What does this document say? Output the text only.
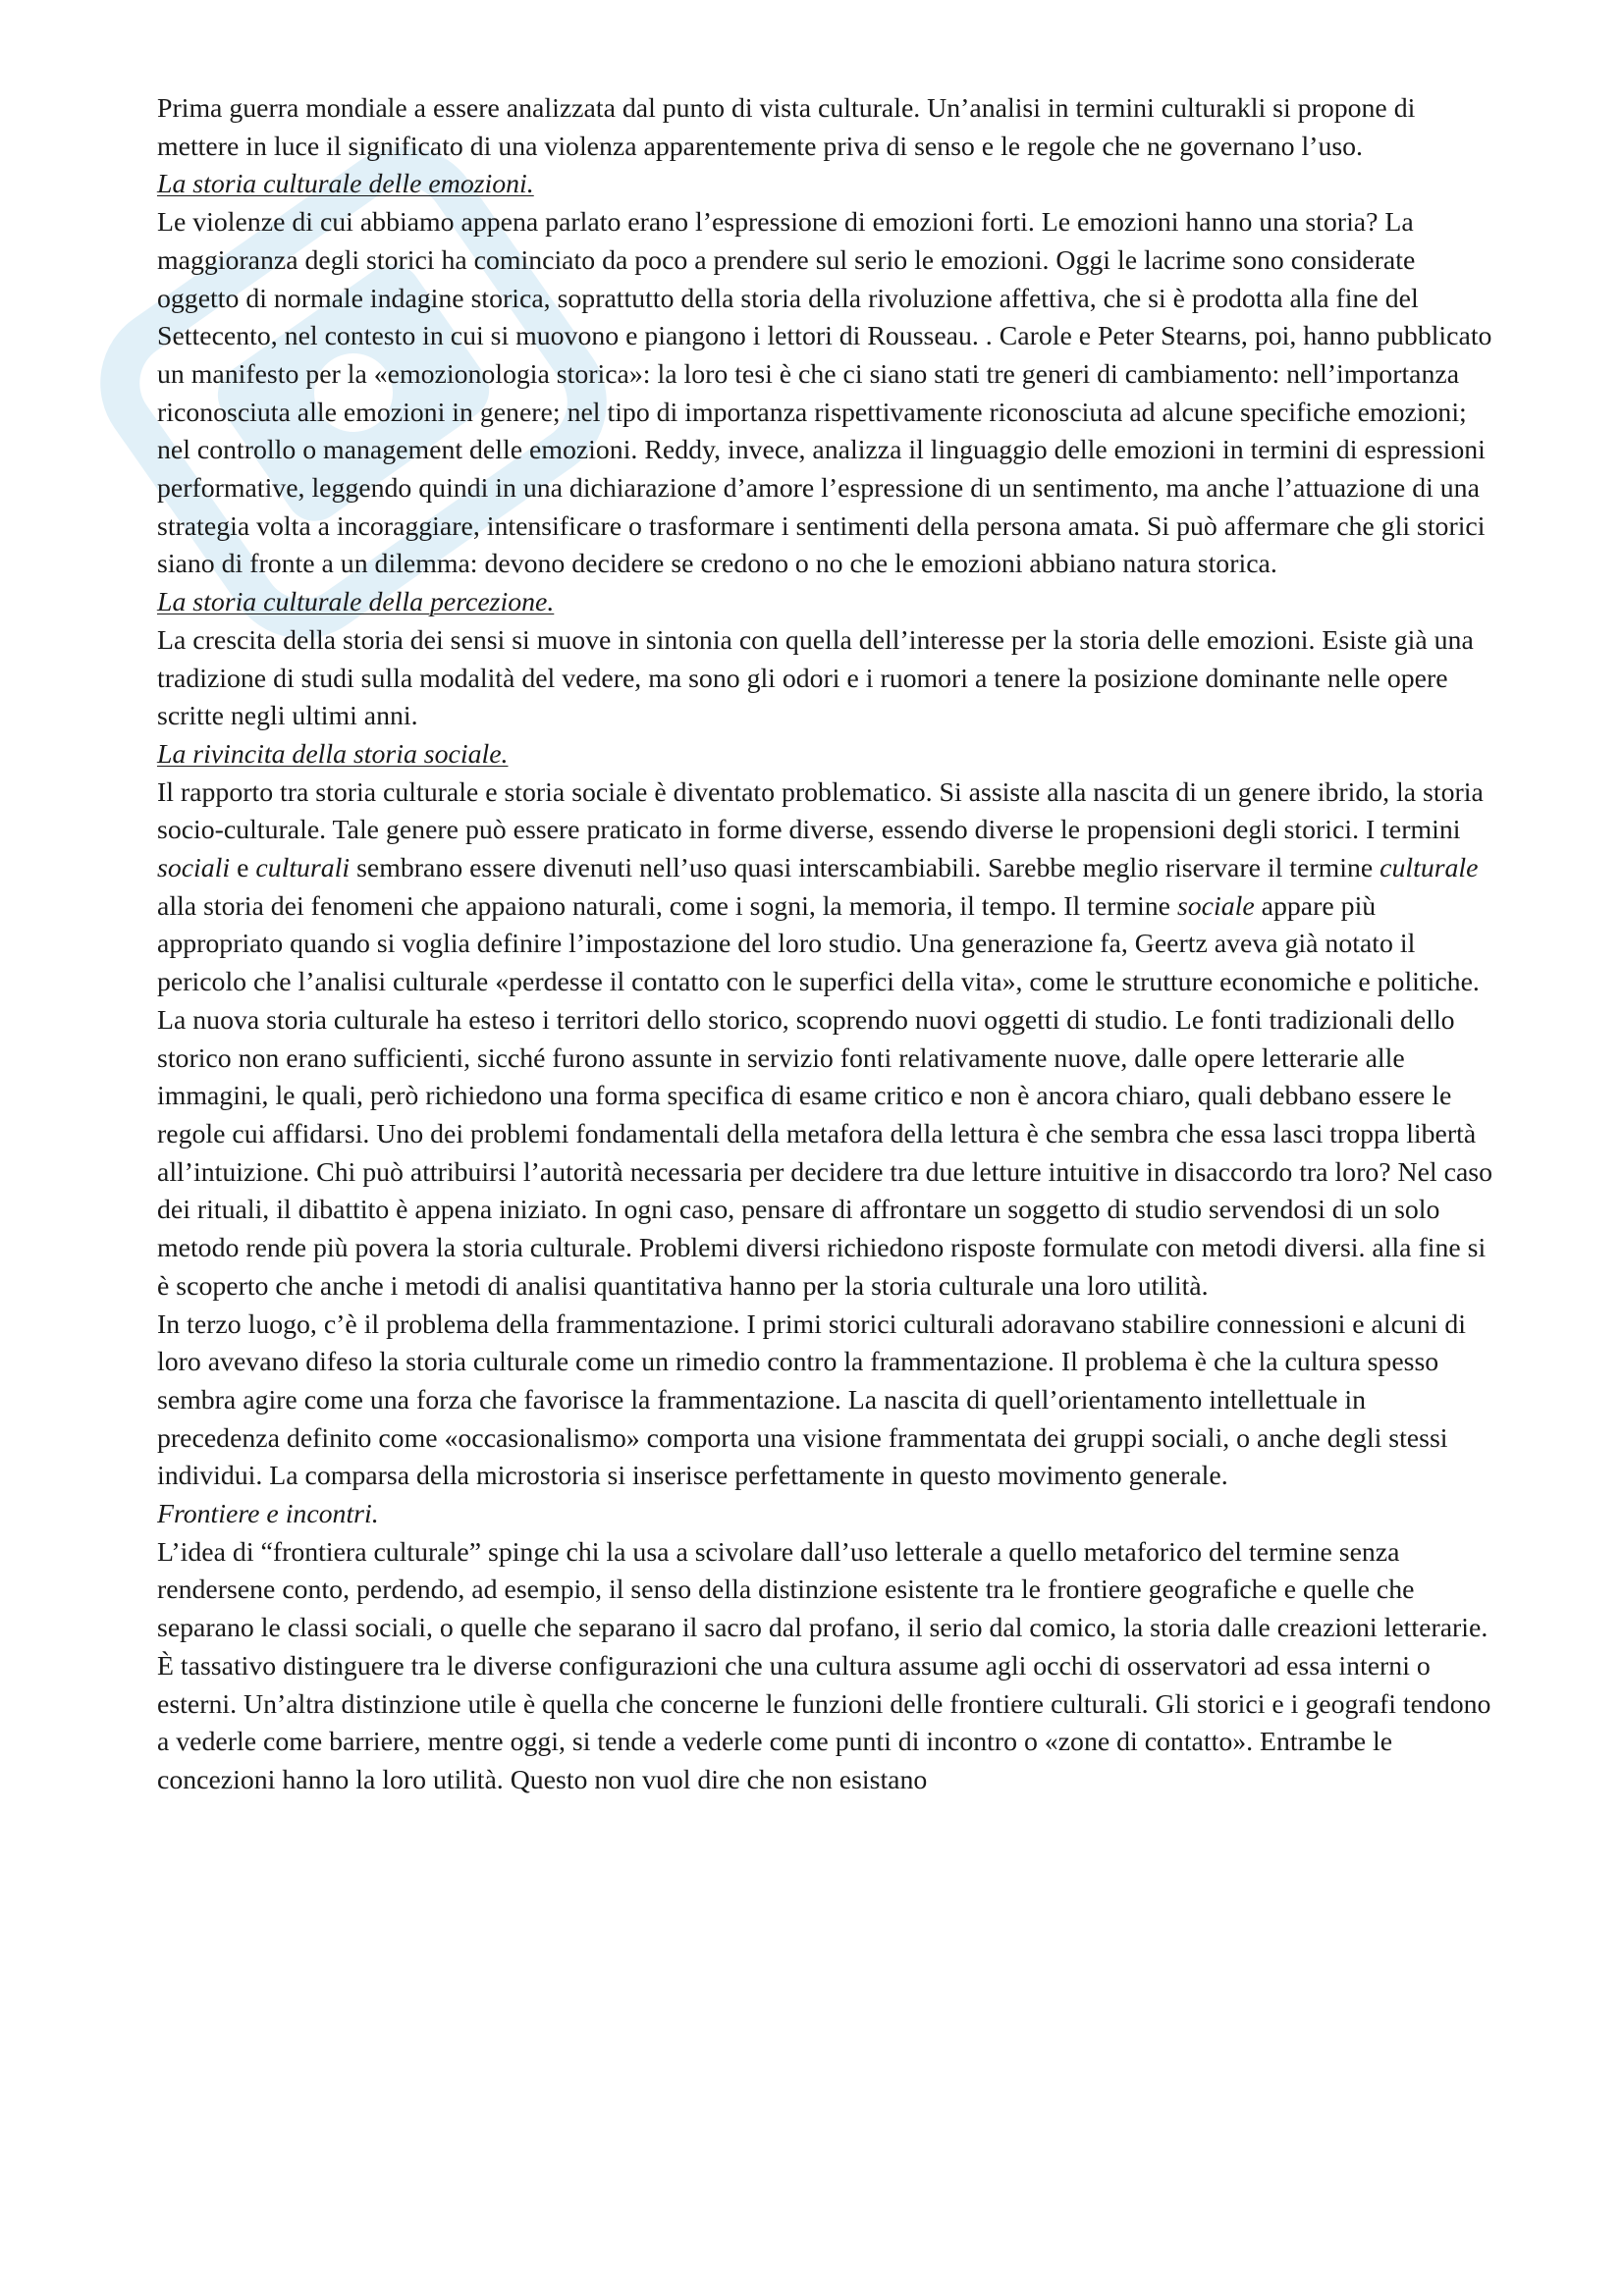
Prima guerra mondiale a essere analizzata dal punto di vista culturale. Un’analisi in termini culturakli si propone di mettere in luce il significato di una violenza apparentemente priva di senso e le regole che ne governano l’uso.

La storia culturale delle emozioni.

Le violenze di cui abbiamo appena parlato erano l’espressione di emozioni forti. Le emozioni hanno una storia? La maggioranza degli storici ha cominciato da poco a prendere sul serio le emozioni. Oggi le lacrime sono considerate oggetto di normale indagine storica, soprattutto della storia della rivoluzione affettiva, che si è prodotta alla fine del Settecento, nel contesto in cui si muovono e piangono i lettori di Rousseau. . Carole e Peter Stearns, poi, hanno pubblicato un manifesto per la «emozionologia storica»: la loro tesi è che ci siano stati tre generi di cambiamento: nell’importanza riconosciuta alle emozioni in genere; nel tipo di importanza rispettivamente riconosciuta ad alcune specifiche emozioni; nel controllo o management delle emozioni. Reddy, invece, analizza il linguaggio delle emozioni in termini di espressioni performative, leggendo quindi in una dichiarazione d’amore l’espressione di un sentimento, ma anche l’attuazione di una strategia volta a incoraggiare, intensificare o trasformare i sentimenti della persona amata. Si può affermare che gli storici siano di fronte a un dilemma: devono decidere se credono o no che le emozioni abbiano natura storica.

La storia culturale della percezione.

La crescita della storia dei sensi si muove in sintonia con quella dell’interesse per la storia delle emozioni. Esiste già una tradizione di studi sulla modalità del vedere, ma sono gli odori e i ruomori a tenere la posizione dominante nelle opere scritte negli ultimi anni.

La rivincita della storia sociale.

Il rapporto tra storia culturale e storia sociale è diventato problematico. Si assiste alla nascita di un genere ibrido, la storia socio-culturale. Tale genere può essere praticato in forme diverse, essendo diverse le propensioni degli storici. I termini sociali e culturali sembrano essere divenuti nell’uso quasi interscambiabili. Sarebbe meglio riservare il termine culturale alla storia dei fenomeni che appaiono naturali, come i sogni, la memoria, il tempo. Il termine sociale appare più appropriato quando si voglia definire l’impostazione del loro studio. Una generazione fa, Geertz aveva già notato il pericolo che l’analisi culturale «perdesse il contatto con le superfici della vita», come le strutture economiche e politiche. La nuova storia culturale ha esteso i territori dello storico, scoprendo nuovi oggetti di studio. Le fonti tradizionali dello storico non erano sufficienti, sicché furono assunte in servizio fonti relativamente nuove, dalle opere letterarie alle immagini, le quali, però richiedono una forma specifica di esame critico e non è ancora chiaro, quali debbano essere le regole cui affidarsi. Uno dei problemi fondamentali della metafora della lettura è che sembra che essa lasci troppa libertà all’intuizione. Chi può attribuirsi l’autorità necessaria per decidere tra due letture intuitive in disaccordo tra loro? Nel caso dei rituali, il dibattito è appena iniziato. In ogni caso, pensare di affrontare un soggetto di studio servendosi di un solo metodo rende più povera la storia culturale. Problemi diversi richiedono risposte formulate con metodi diversi. alla fine si è scoperto che anche i metodi di analisi quantitativa hanno per la storia culturale una loro utilità.

In terzo luogo, c’è il problema della frammentazione. I primi storici culturali adoravano stabilire connessioni e alcuni di loro avevano difeso la storia culturale come un rimedio contro la frammentazione. Il problema è che la cultura spesso sembra agire come una forza che favorisce la frammentazione. La nascita di quell’orientamento intellettuale in precedenza definito come «occasionalismo» comporta una visione frammentata dei gruppi sociali, o anche degli stessi individui. La comparsa della microstoria si inserisce perfettamente in questo movimento generale.

Frontiere e incontri.

L’idea di “frontiera culturale” spinge chi la usa a scivolare dall’uso letterale a quello metaforico del termine senza rendersene conto, perdendo, ad esempio, il senso della distinzione esistente tra le frontiere geografiche e quelle che separano le classi sociali, o quelle che separano il sacro dal profano, il serio dal comico, la storia dalle creazioni letterarie. È tassativo distinguere tra le diverse configurazioni che una cultura assume agli occhi di osservatori ad essa interni o esterni. Un’altra distinzione utile è quella che concerne le funzioni delle frontiere culturali. Gli storici e i geografi tendono a vederle come barriere, mentre oggi, si tende a vederle come punti di incontro o «zone di contatto». Entrambe le concezioni hanno la loro utilità. Questo non vuol dire che non esistano
